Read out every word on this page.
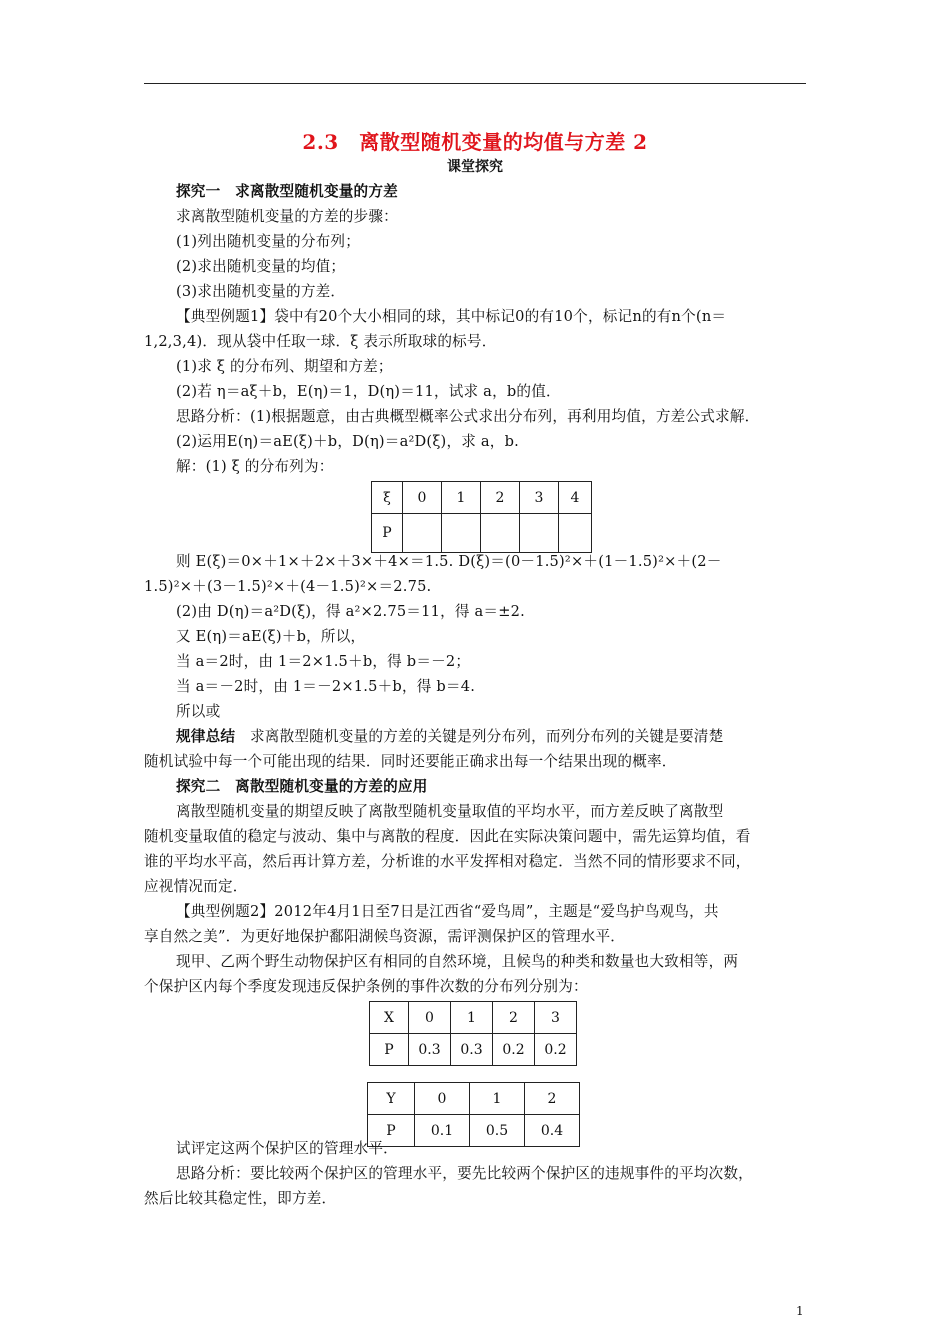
2.3　离散型随机变量的均值与方差 2
课堂探究
探究一　求离散型随机变量的方差
求离散型随机变量的方差的步骤：
(1)列出随机变量的分布列；
(2)求出随机变量的均值；
(3)求出随机变量的方差．
【典型例题1】袋中有20个大小相同的球，其中标记0的有10个，标记n的有n个(n＝
1,2,3,4)．现从袋中任取一球．ξ 表示所取球的标号．
(1)求 ξ 的分布列、期望和方差；
(2)若 η＝aξ＋b，E(η)＝1，D(η)＝11，试求 a，b的值．
思路分析：(1)根据题意，由古典概型概率公式求出分布列，再利用均值，方差公式求解．
(2)运用E(η)＝aE(ξ)＋b，D(η)＝a²D(ξ)，求 a，b.
解：(1) ξ 的分布列为：
ξ	0	1	2	3	4
P					
则 E(ξ)＝0×＋1×＋2×＋3×＋4×＝1.5. D(ξ)＝(0－1.5)²×＋(1－1.5)²×＋(2－
1.5)²×＋(3－1.5)²×＋(4－1.5)²×＝2.75.
(2)由 D(η)＝a²D(ξ)，得 a²×2.75＝11，得 a＝±2.
又 E(η)＝aE(ξ)＋b，所以，
当 a＝2时，由 1＝2×1.5＋b，得 b＝－2；
当 a＝－2时，由 1＝－2×1.5＋b，得 b＝4.
所以或
规律总结　求离散型随机变量的方差的关键是列分布列，而列分布列的关键是要清楚
随机试验中每一个可能出现的结果．同时还要能正确求出每一个结果出现的概率．
探究二　离散型随机变量的方差的应用
离散型随机变量的期望反映了离散型随机变量取值的平均水平，而方差反映了离散型
随机变量取值的稳定与波动、集中与离散的程度．因此在实际决策问题中，需先运算均值，看
谁的平均水平高，然后再计算方差，分析谁的水平发挥相对稳定．当然不同的情形要求不同，
应视情况而定．
【典型例题2】2012年4月1日至7日是江西省“爱鸟周”，主题是“爱鸟护鸟观鸟，共
享自然之美”．为更好地保护鄱阳湖候鸟资源，需评测保护区的管理水平．
现甲、乙两个野生动物保护区有相同的自然环境，且候鸟的种类和数量也大致相等，两
个保护区内每个季度发现违反保护条例的事件次数的分布列分别为：
X	0	1	2	3
P	0.3	0.3	0.2	0.2
Y	0	1	2
P	0.1	0.5	0.4
试评定这两个保护区的管理水平．
思路分析：要比较两个保护区的管理水平，要先比较两个保护区的违规事件的平均次数，
然后比较其稳定性，即方差．
1
